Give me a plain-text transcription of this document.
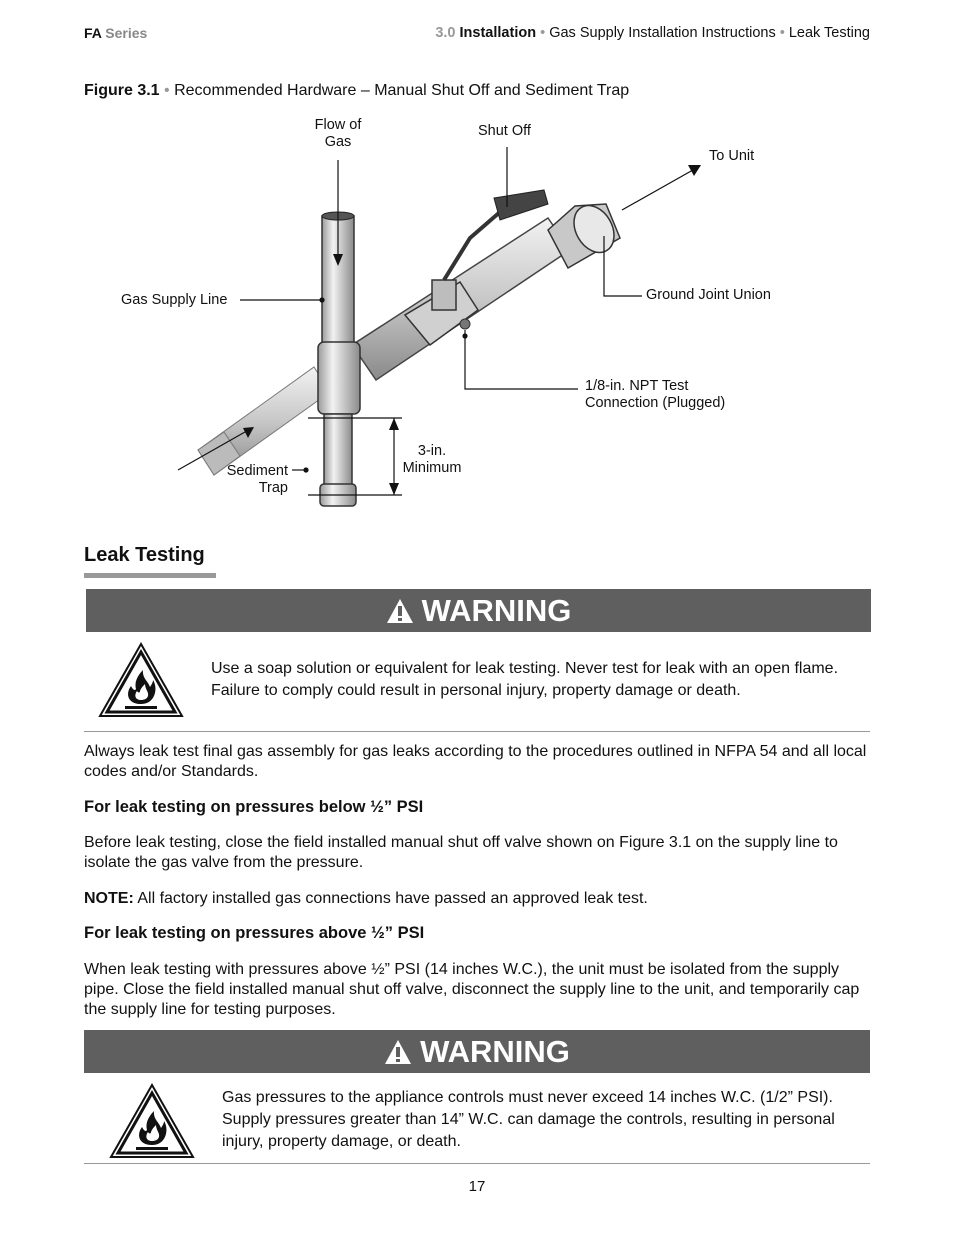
FA Series	3.0 Installation • Gas Supply Installation Instructions • Leak Testing
Figure 3.1 • Recommended Hardware – Manual Shut Off and Sediment Trap
Flow of
Gas
Shut Off
To Unit
Gas Supply Line	Ground Joint Union
1/8-in. NPT Test
Connection (Plugged)
3-in.
Minimum
Sediment
Trap
Leak Testing
WARNING
Use a soap solution or equivalent for leak testing. Never test for leak with an open flame. Failure to comply could result in personal injury, property damage or death.
Always leak test final gas assembly for gas leaks according to the procedures outlined in NFPA 54 and all local codes and/or Standards.
For leak testing on pressures below ½” PSI
Before leak testing, close the field installed manual shut off valve shown on Figure 3.1 on the supply line to isolate the gas valve from the pressure.
NOTE: All factory installed gas connections have passed an approved leak test.
For leak testing on pressures above ½” PSI
When leak testing with pressures above ½” PSI (14 inches W.C.), the unit must be isolated from the supply pipe. Close the field installed manual shut off valve, disconnect the supply line to the unit, and temporarily cap the supply line for testing purposes.
WARNING
Gas pressures to the appliance controls must never exceed 14 inches W.C. (1/2” PSI). Supply pressures greater than 14” W.C. can damage the controls, resulting in personal injury, property damage, or death.
17
